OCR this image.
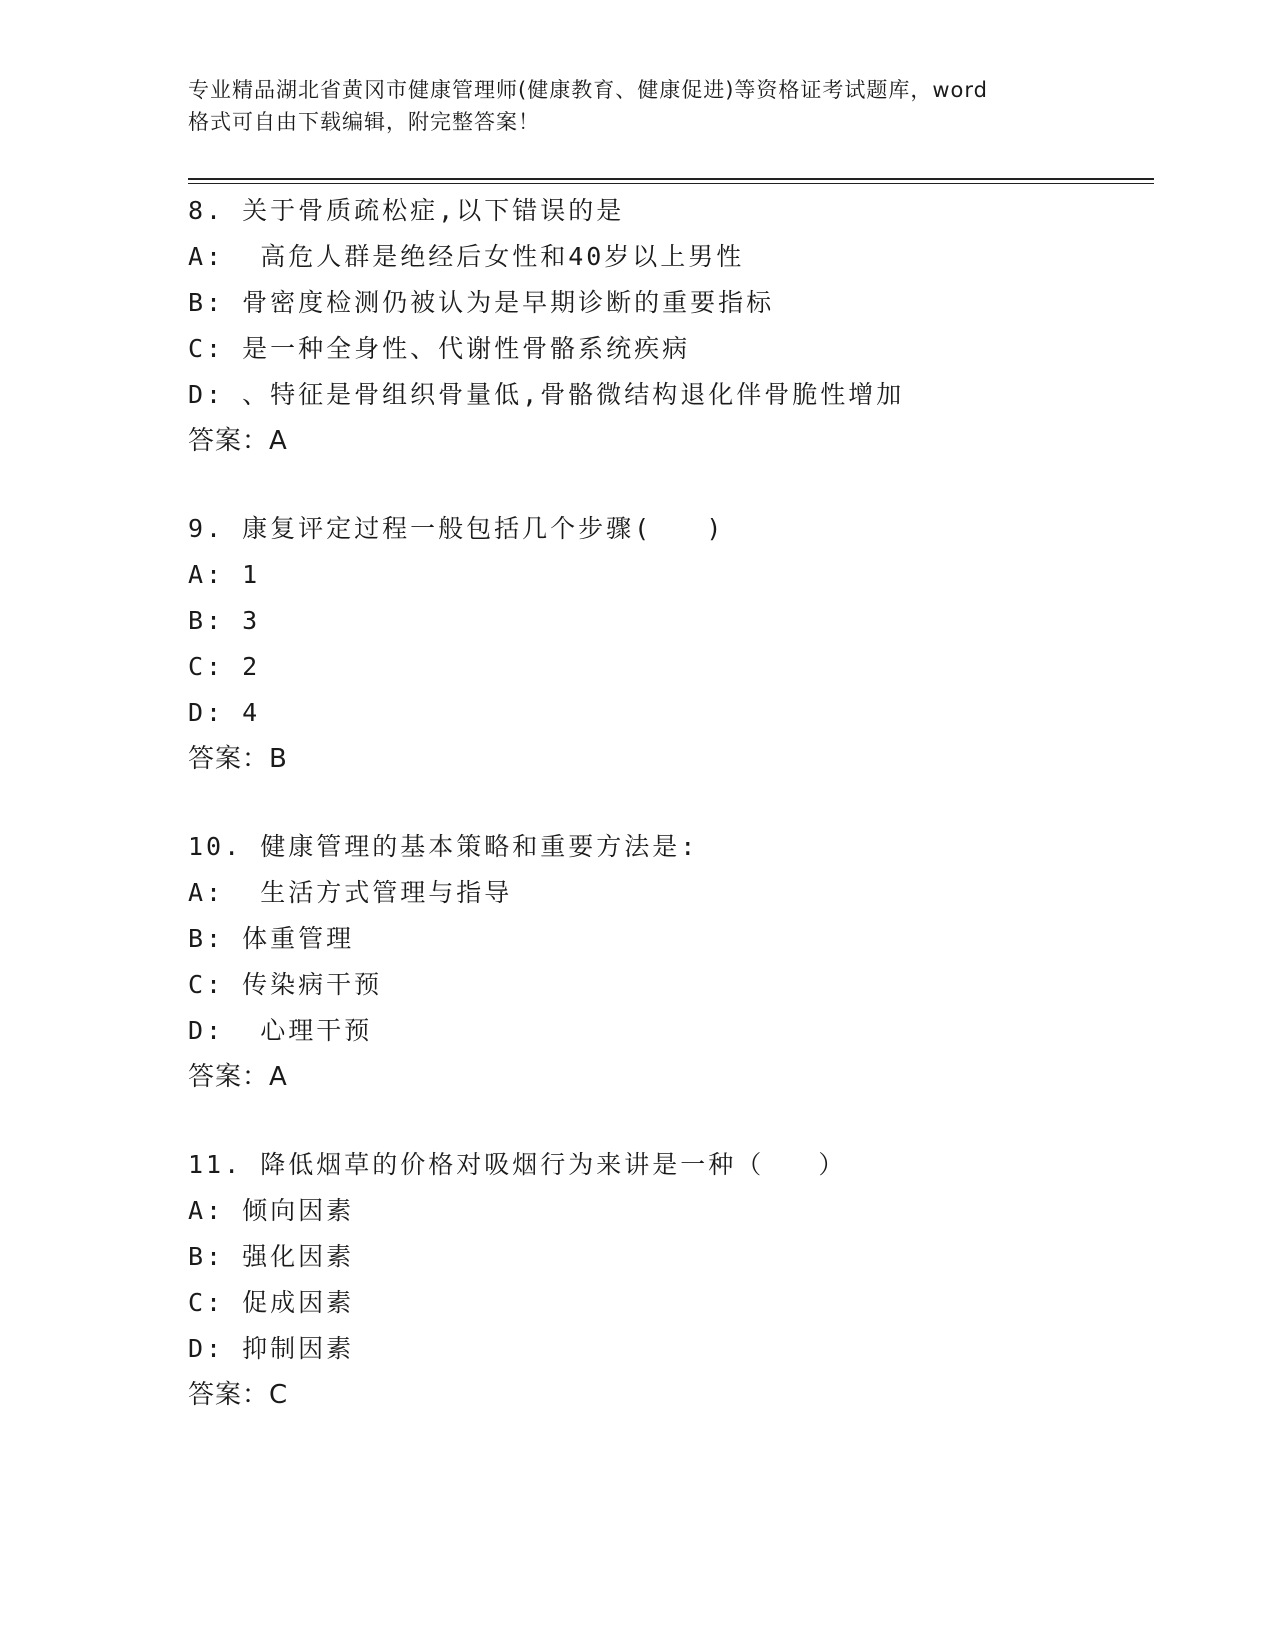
专业精品湖北省黄冈市健康管理师(健康教育、健康促进)等资格证考试题库，word
格式可自由下载编辑，附完整答案！
8. 关于骨质疏松症,以下错误的是
A:  高危人群是绝经后女性和40岁以上男性
B: 骨密度检测仍被认为是早期诊断的重要指标
C: 是一种全身性、代谢性骨骼系统疾病
D: 、特征是骨组织骨量低,骨骼微结构退化伴骨脆性增加
答案：A
9. 康复评定过程一般包括几个步骤(   )
A: 1
B: 3
C: 2
D: 4
答案：B
10. 健康管理的基本策略和重要方法是:
A:  生活方式管理与指导
B: 体重管理
C: 传染病干预
D:  心理干预
答案：A
11. 降低烟草的价格对吸烟行为来讲是一种（   ）
A: 倾向因素
B: 强化因素
C: 促成因素
D: 抑制因素
答案：C
